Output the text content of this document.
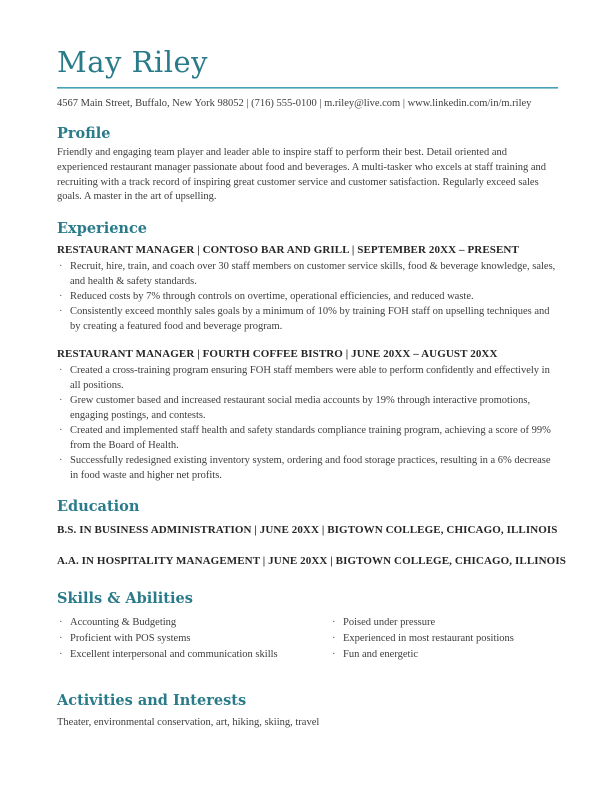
May Riley
4567 Main Street, Buffalo, New York 98052 | (716) 555-0100 | m.riley@live.com | www.linkedin.com/in/m.riley
Profile
Friendly and engaging team player and leader able to inspire staff to perform their best. Detail oriented and experienced restaurant manager passionate about food and beverages. A multi-tasker who excels at staff training and recruiting with a track record of inspiring great customer service and customer satisfaction. Regularly exceed sales goals. A master in the art of upselling.
Experience
RESTAURANT MANAGER | CONTOSO BAR AND GRILL | SEPTEMBER 20XX – PRESENT
· Recruit, hire, train, and coach over 30 staff members on customer service skills, food & beverage knowledge, sales, and health & safety standards.
· Reduced costs by 7% through controls on overtime, operational efficiencies, and reduced waste.
· Consistently exceed monthly sales goals by a minimum of 10% by training FOH staff on upselling techniques and by creating a featured food and beverage program.
RESTAURANT MANAGER | FOURTH COFFEE BISTRO | JUNE 20XX – AUGUST 20XX
· Created a cross-training program ensuring FOH staff members were able to perform confidently and effectively in all positions.
· Grew customer based and increased restaurant social media accounts by 19% through interactive promotions, engaging postings, and contests.
· Created and implemented staff health and safety standards compliance training program, achieving a score of 99% from the Board of Health.
· Successfully redesigned existing inventory system, ordering and food storage practices, resulting in a 6% decrease in food waste and higher net profits.
Education
B.S. IN BUSINESS ADMINISTRATION | JUNE 20XX | BIGTOWN COLLEGE, CHICAGO, ILLINOIS
A.A. IN HOSPITALITY MANAGEMENT | JUNE 20XX | BIGTOWN COLLEGE, CHICAGO, ILLINOIS
Skills & Abilities
· Accounting & Budgeting
· Proficient with POS systems
· Excellent interpersonal and communication skills
· Poised under pressure
· Experienced in most restaurant positions
· Fun and energetic
Activities and Interests
Theater, environmental conservation, art, hiking, skiing, travel
